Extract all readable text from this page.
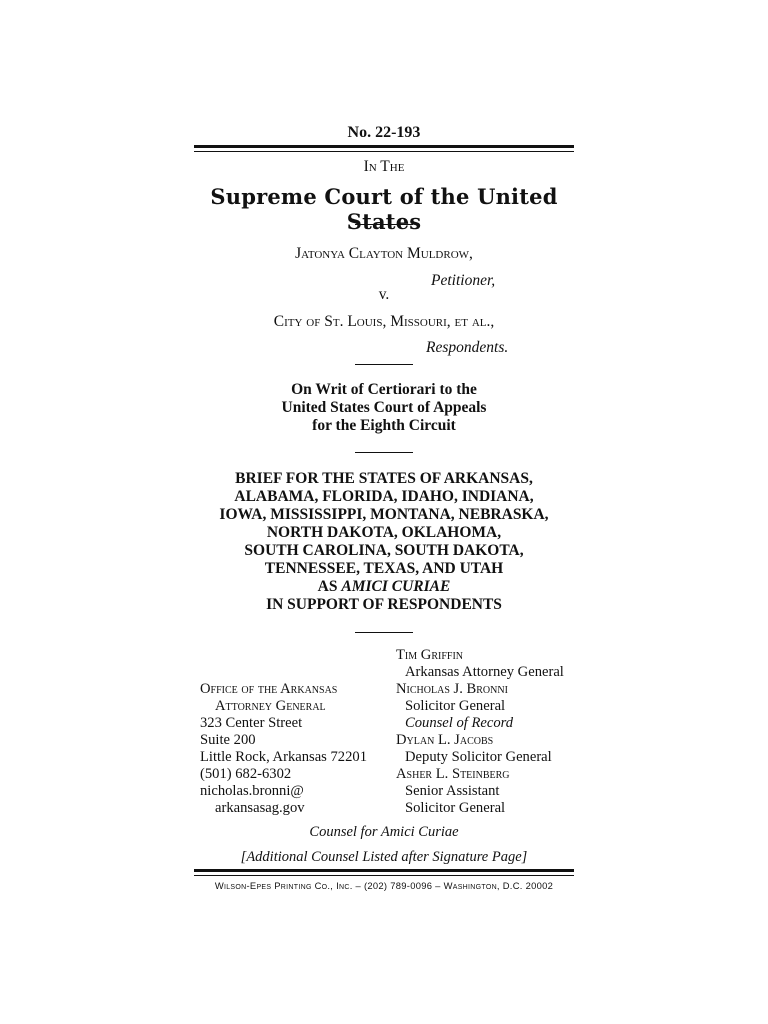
No. 22-193
In The
Supreme Court of the United States
Jatonya Clayton Muldrow,
Petitioner,
v.
City of St. Louis, Missouri, et al.,
Respondents.
On Writ of Certiorari to the
United States Court of Appeals
for the Eighth Circuit
BRIEF FOR THE STATES OF ARKANSAS,
ALABAMA, FLORIDA, IDAHO, INDIANA,
IOWA, MISSISSIPPI, MONTANA, NEBRASKA,
NORTH DAKOTA, OKLAHOMA,
SOUTH CAROLINA, SOUTH DAKOTA,
TENNESSEE, TEXAS, AND UTAH
AS AMICI CURIAE
IN SUPPORT OF RESPONDENTS
Office of the Arkansas
Attorney General
323 Center Street
Suite 200
Little Rock, Arkansas 72201
(501) 682-6302
nicholas.bronni@
arkansasag.gov
Tim Griffin
Arkansas Attorney General
Nicholas J. Bronni
Solicitor General
Counsel of Record
Dylan L. Jacobs
Deputy Solicitor General
Asher L. Steinberg
Senior Assistant
Solicitor General
Counsel for Amici Curiae
[Additional Counsel Listed after Signature Page]
Wilson-Epes Printing Co., Inc. – (202) 789-0096 – Washington, D.C. 20002
